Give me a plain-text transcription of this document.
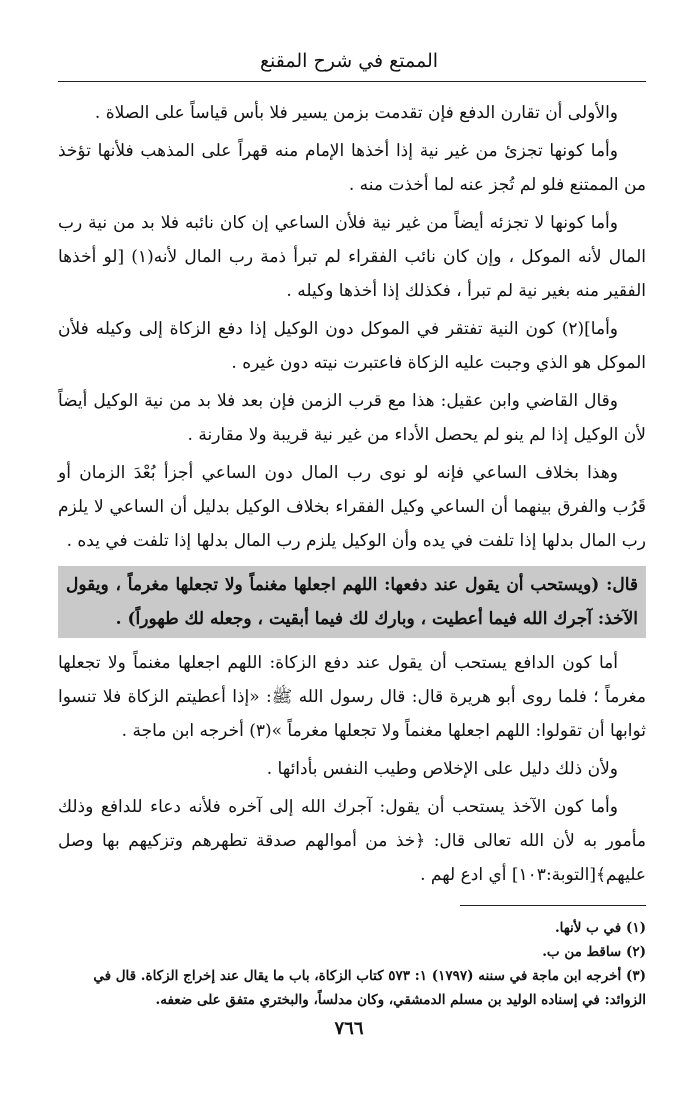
الممتع في شرح المقنع

والأولى أن تقارن الدفع فإن تقدمت بزمن يسير فلا بأس قياساً على الصلاة .

وأما كونها تجزئ من غير نية إذا أخذها الإمام منه قهراً على المذهب فلأنها تؤخذ من الممتنع فلو لم تُجز عنه لما أخذت منه .

وأما كونها لا تجزئه أيضاً من غير نية فلأن الساعي إن كان نائبه فلا بد من نية رب المال لأنه الموكل ، وإن كان نائب الفقراء لم تبرأ ذمة رب المال لأنه(١) [لو أخذها الفقير منه بغير نية لم تبرأ ، فكذلك إذا أخذها وكيله .

وأما](٢) كون النية تفتقر في الموكل دون الوكيل إذا دفع الزكاة إلى وكيله فلأن الموكل هو الذي وجبت عليه الزكاة فاعتبرت نيته دون غيره .

وقال القاضي وابن عقيل: هذا مع قرب الزمن فإن بعد فلا بد من نية الوكيل أيضاً لأن الوكيل إذا لم ينو لم يحصل الأداء من غير نية قريبة ولا مقارنة .

وهذا بخلاف الساعي فإنه لو نوى رب المال دون الساعي أجزأ بُعْدَ الزمان أو قَرُب والفرق بينهما أن الساعي وكيل الفقراء بخلاف الوكيل بدليل أن الساعي لا يلزم رب المال بدلها إذا تلفت في يده وأن الوكيل يلزم رب المال بدلها إذا تلفت في يده .

قال: (ويستحب أن يقول عند دفعها: اللهم اجعلها مغنماً ولا تجعلها مغرماً ، ويقول الآخذ: آجرك الله فيما أعطيت ، وبارك لك فيما أبقيت ، وجعله لك طهوراً) .

أما كون الدافع يستحب أن يقول عند دفع الزكاة: اللهم اجعلها مغنماً ولا تجعلها مغرماً ؛ فلما روى أبو هريرة قال: قال رسول الله ﷺ: «إذا أعطيتم الزكاة فلا تنسوا ثوابها أن تقولوا: اللهم اجعلها مغنماً ولا تجعلها مغرماً »(٣) أخرجه ابن ماجة .

ولأن ذلك دليل على الإخلاص وطيب النفس بأدائها .

وأما كون الآخذ يستحب أن يقول: آجرك الله إلى آخره فلأنه دعاء للدافع وذلك مأمور به لأن الله تعالى قال: ﴿خذ من أموالهم صدقة تطهرهم وتزكيهم بها وصل عليهم﴾[التوبة:١٠٣] أي ادع لهم .

(١) في ب لأنها.

(٢) ساقط من ب.

(٣) أخرجه ابن ماجة في سننه (١٧٩٧) ١: ٥٧٣ كتاب الزكاة، باب ما يقال عند إخراج الزكاة. قال في الزوائد: في إسناده الوليد بن مسلم الدمشقي، وكان مدلساً، والبختري متفق على ضعفه.

٧٦٦
